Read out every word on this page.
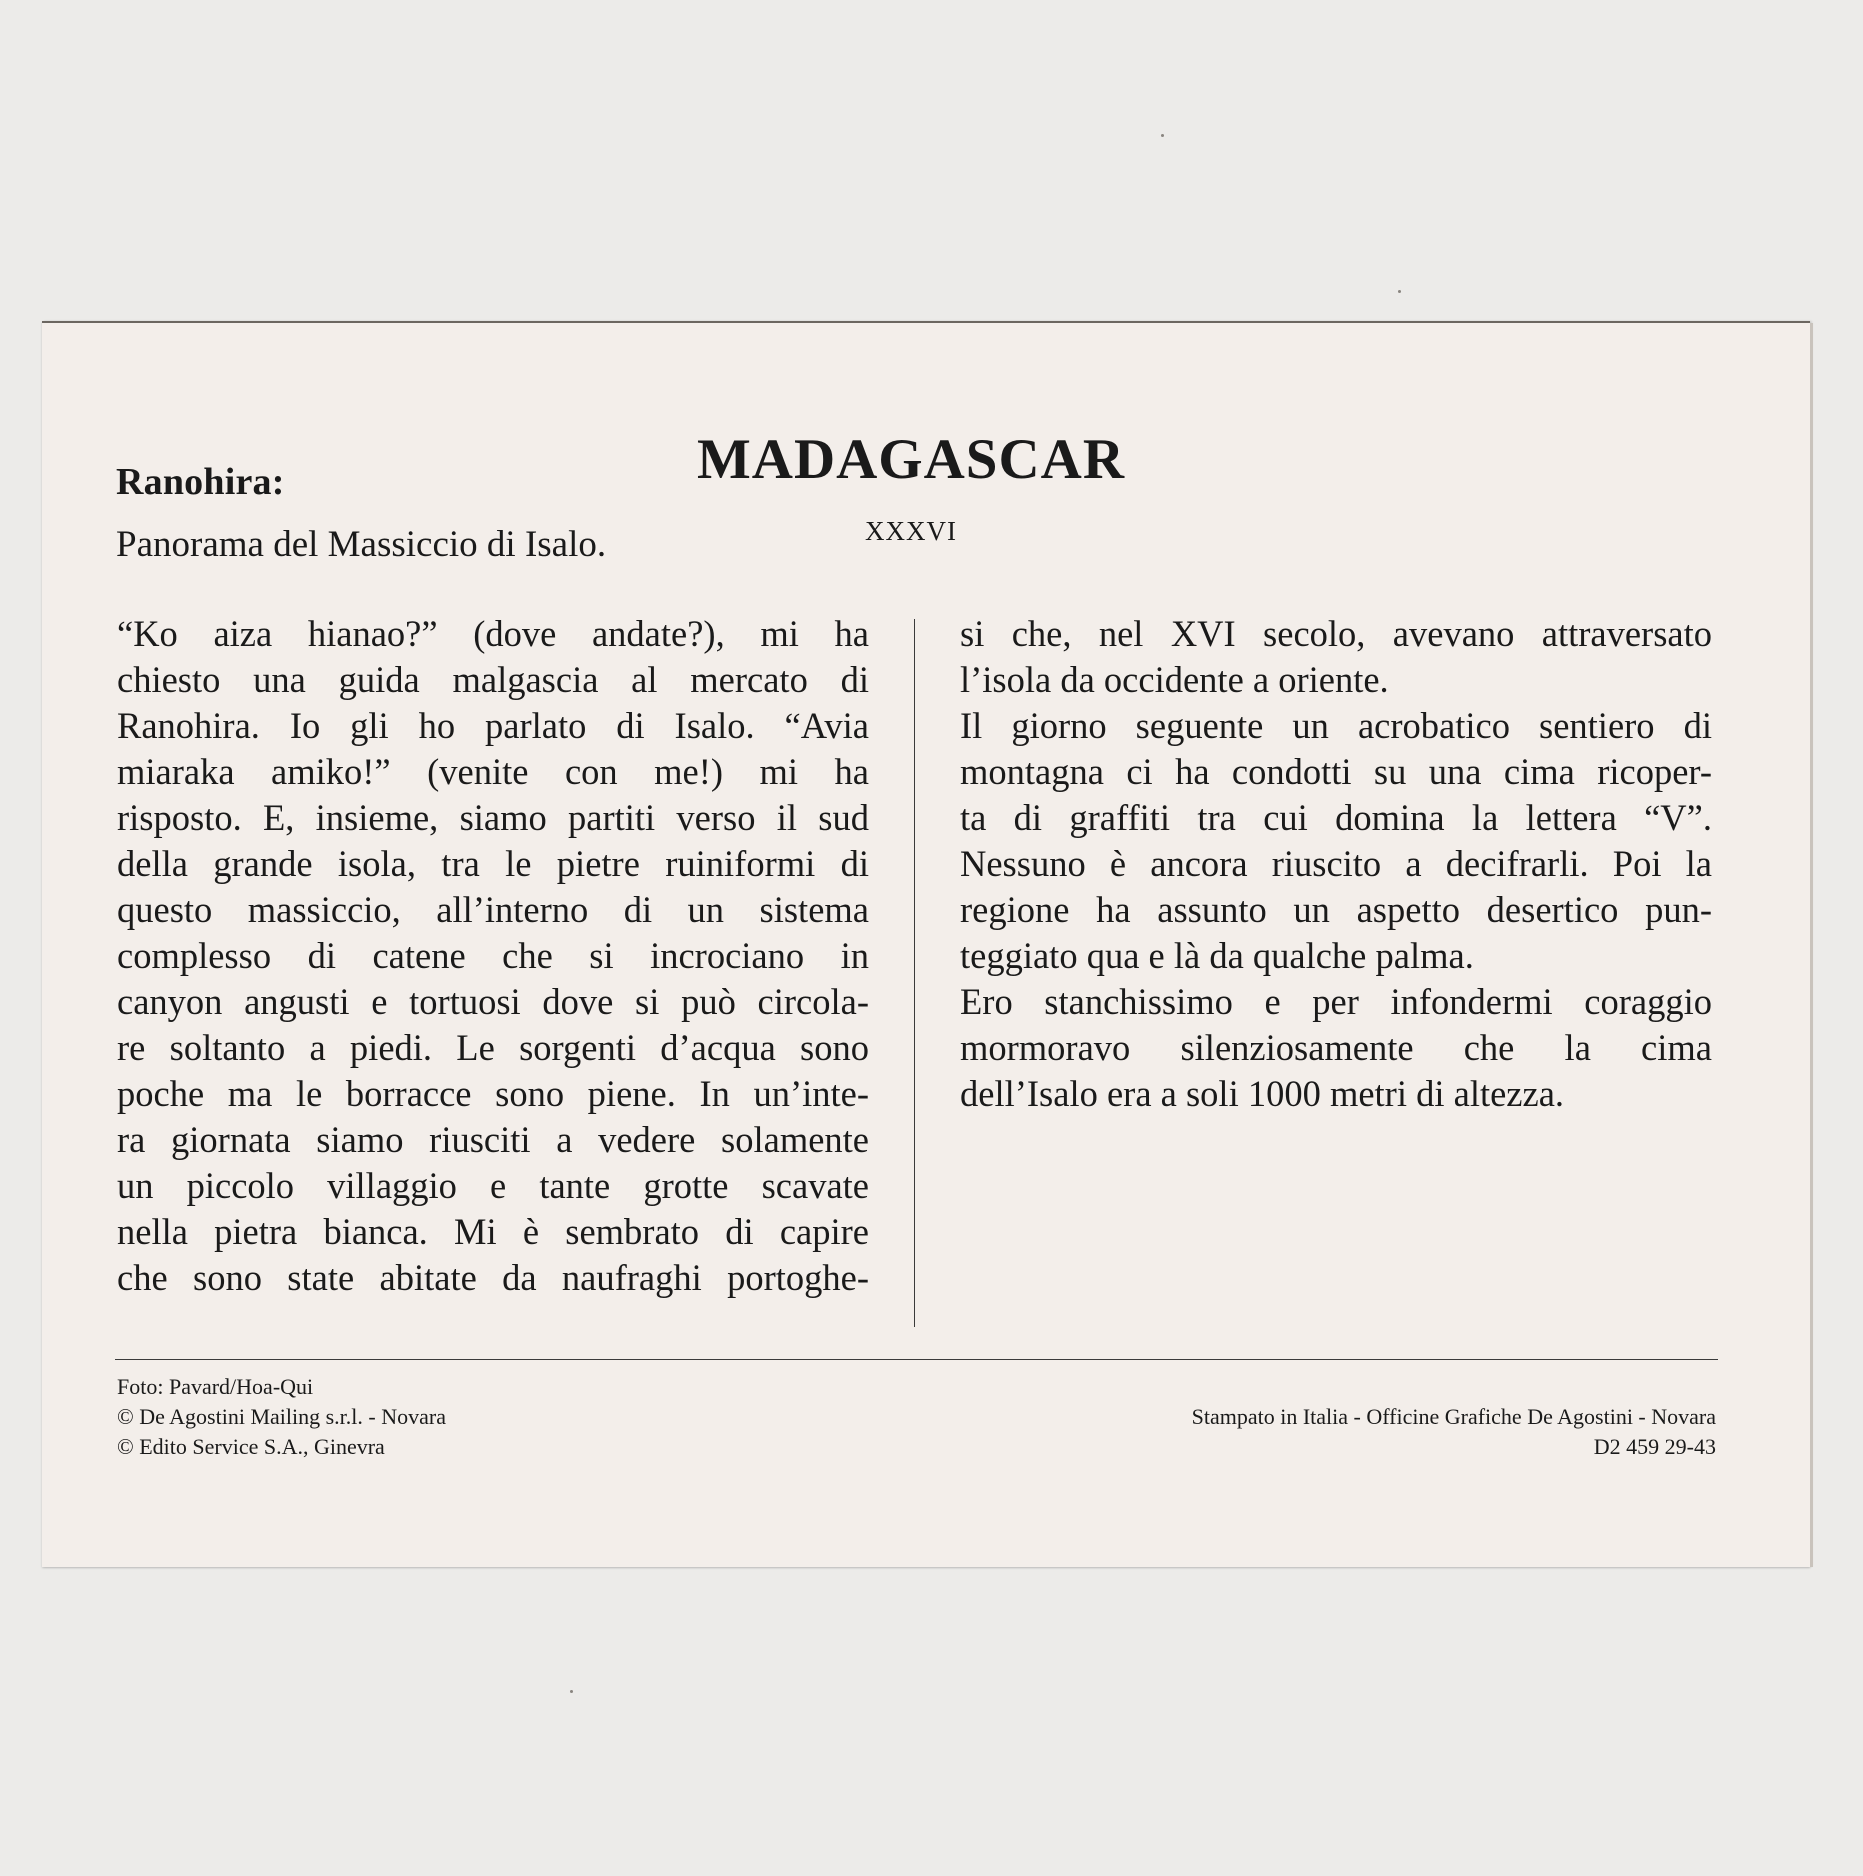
Ranohira:
Panorama del Massiccio di Isalo.
MADAGASCAR
XXXVI
“Ko aiza hianao?” (dove andate?), mi ha
chiesto una guida malgascia al mercato di
Ranohira. Io gli ho parlato di Isalo. “Avia
miaraka amiko!” (venite con me!) mi ha
risposto. E, insieme, siamo partiti verso il sud
della grande isola, tra le pietre ruiniformi di
questo massiccio, all’interno di un sistema
complesso di catene che si incrociano in
canyon angusti e tortuosi dove si può circola-
re soltanto a piedi. Le sorgenti d’acqua sono
poche ma le borracce sono piene. In un’inte-
ra giornata siamo riusciti a vedere solamente
un piccolo villaggio e tante grotte scavate
nella pietra bianca. Mi è sembrato di capire
che sono state abitate da naufraghi portoghe-
si che, nel XVI secolo, avevano attraversato
l’isola da occidente a oriente.
Il giorno seguente un acrobatico sentiero di
montagna ci ha condotti su una cima ricoper-
ta di graffiti tra cui domina la lettera “V”.
Nessuno è ancora riuscito a decifrarli. Poi la
regione ha assunto un aspetto desertico pun-
teggiato qua e là da qualche palma.
Ero stanchissimo e per infondermi coraggio
mormoravo silenziosamente che la cima
dell’Isalo era a soli 1000 metri di altezza.
Foto: Pavard/Hoa-Qui
© De Agostini Mailing s.r.l. - Novara
© Edito Service S.A., Ginevra
Stampato in Italia - Officine Grafiche De Agostini - Novara
D2 459 29-43
